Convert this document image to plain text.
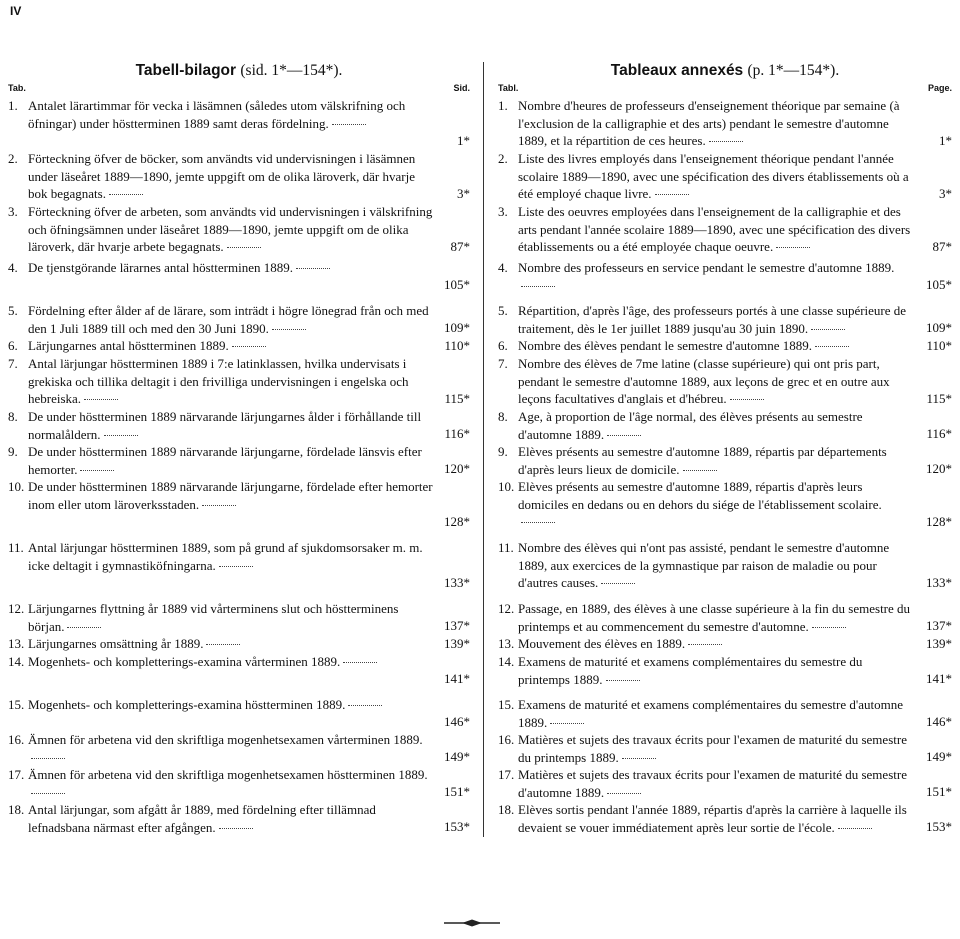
IV
Tabell-bilagor (sid. 1*—154*).
Tab.	Sid.
1. Antalet lärartimmar för vecka i läsämnen (således utom välskrifning och öfningar) under höstterminen 1889 samt deras fördelning.
1*
2. Förteckning öfver de böcker, som användts vid undervisningen i läsämnen under läseåret 1889—1890, jemte uppgift om de olika läroverk, där hvarje bok begagnats.	3*
3. Förteckning öfver de arbeten, som användts vid undervisningen i välskrifning och öfningsämnen under läseåret 1889—1890, jemte uppgift om de olika läroverk, där hvarje arbete begagnats.	87*
4. De tjenstgörande lärarnes antal höstterminen 1889.
105*
5. Fördelning efter ålder af de lärare, som inträdt i högre lönegrad från och med den 1 Juli 1889 till och med den 30 Juni 1890.	109*
6. Lärjungarnes antal höstterminen 1889.	110*
7. Antal lärjungar höstterminen 1889 i 7:e latinklassen, hvilka undervisats i grekiska och tillika deltagit i den frivilliga undervisningen i engelska och hebreiska.	115*
8. De under höstterminen 1889 närvarande lärjungarnes ålder i förhållande till normalåldern.	116*
9. De under höstterminen 1889 närvarande lärjungarne, fördelade länsvis efter hemorter.	120*
10. De under höstterminen 1889 närvarande lärjungarne, fördelade efter hemorter inom eller utom läroverksstaden.
128*
11. Antal lärjungar höstterminen 1889, som på grund af sjukdomsorsaker m. m. icke deltagit i gymnastiköfningarna.
133*
12. Lärjungarnes flyttning år 1889 vid vårterminens slut och höstterminens början.	137*
13. Lärjungarnes omsättning år 1889.	139*
14. Mogenhets- och kompletterings-examina vårterminen 1889.
141*
15. Mogenhets- och kompletterings-examina höstterminen 1889.
146*
16. Ämnen för arbetena vid den skriftliga mogenhetsexamen vårterminen 1889.
149*
17. Ämnen för arbetena vid den skriftliga mogenhetsexamen höstterminen 1889.
151*
18. Antal lärjungar, som afgått år 1889, med fördelning efter tillämnad lefnadsbana närmast efter afgången.	153*
Tableaux annexés (p. 1*—154*).
Tabl.	Page.
1. Nombre d'heures de professeurs d'enseignement théorique par semaine (à l'exclusion de la calligraphie et des arts) pendant le semestre d'automne 1889, et la répartition de ces heures.	1*
2. Liste des livres employés dans l'enseignement théorique pendant l'année scolaire 1889—1890, avec une spécification des divers établissements où a été employé chaque livre.	3*
3. Liste des oeuvres employées dans l'enseignement de la calligraphie et des arts pendant l'année scolaire 1889—1890, avec une spécification des divers établissements ou a été employée chaque oeuvre.	87*
4. Nombre des professeurs en service pendant le semestre d'automne 1889.
105*
5. Répartition, d'après l'âge, des professeurs portés à une classe supérieure de traitement, dès le 1er juillet 1889 jusqu'au 30 juin 1890.	109*
6. Nombre des élèves pendant le semestre d'automne 1889.	110*
7. Nombre des élèves de 7me latine (classe supérieure) qui ont pris part, pendant le semestre d'automne 1889, aux leçons de grec et en outre aux leçons facultatives d'anglais et d'hébreu.	115*
8. Age, à proportion de l'âge normal, des élèves présents au semestre d'automne 1889.	116*
9. Elèves présents au semestre d'automne 1889, répartis par départements d'après leurs lieux de domicile.	120*
10. Elèves présents au semestre d'automne 1889, répartis d'après leurs domiciles en dedans ou en dehors du siége de l'établissement scolaire.
128*
11. Nombre des élèves qui n'ont pas assisté, pendant le semestre d'automne 1889, aux exercices de la gymnastique par raison de maladie ou pour d'autres causes.	133*
12. Passage, en 1889, des élèves à une classe supérieure à la fin du semestre du printemps et au commencement du semestre d'automne.	137*
13. Mouvement des élèves en 1889.	139*
14. Examens de maturité et examens complémentaires du semestre du printemps 1889.	141*
15. Examens de maturité et examens complémentaires du semestre d'automne 1889.	146*
16. Matières et sujets des travaux écrits pour l'examen de maturité du semestre du printemps 1889.	149*
17. Matières et sujets des travaux écrits pour l'examen de maturité du semestre d'automne 1889.	151*
18. Elèves sortis pendant l'année 1889, répartis d'après la carrière à laquelle ils devaient se vouer immédiatement après leur sortie de l'école.	153*
